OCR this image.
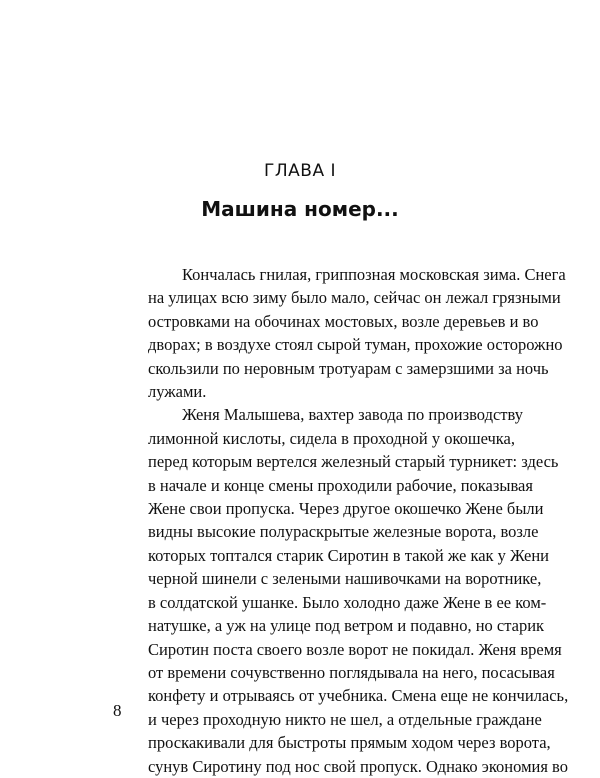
ГЛАВА I
Машина номер...

Кончалась гнилая, гриппозная московская зима. Снега
на улицах всю зиму было мало, сейчас он лежал грязными
островками на обочинах мостовых, возле деревьев и во
дворах; в воздухе стоял сырой туман, прохожие осторожно
скользили по неровным тротуарам с замерзшими за ночь
лужами.

Женя Малышева, вахтер завода по производству
лимонной кислоты, сидела в проходной у окошечка,
перед которым вертелся железный старый турникет: здесь
в начале и конце смены проходили рабочие, показывая
Жене свои пропуска. Через другое окошечко Жене были
видны высокие полураскрытые железные ворота, возле
которых топтался старик Сиротин в такой же как у Жени
черной шинели с зелеными нашивочками на воротнике,
в солдатской ушанке. Было холодно даже Жене в ее ком-
натушке, а уж на улице под ветром и подавно, но старик
Сиротин поста своего возле ворот не покидал. Женя время
от времени сочувственно поглядывала на него, посасывая
конфету и отрываясь от учебника. Смена еще не кончилась,
и через проходную никто не шел, а отдельные граждане
проскакивали для быстроты прямым ходом через ворота,
сунув Сиротину под нос свой пропуск. Однако экономия во

8
